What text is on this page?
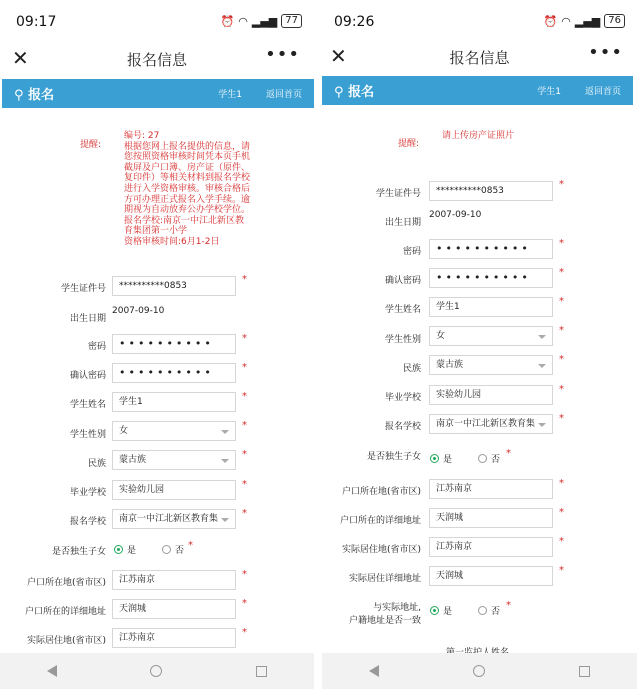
09:17	⏰ ◠ ▂▄▆ 77
✕	报名信息	•••
⚲ 报名	学生1	返回首页
提醒:
编号: 27
根据您网上报名提供的信息，请您按照资格审核时间凭本页手机截屏及户口簿、房产证（原件、复印件）等相关材料到报名学校进行入学资格审核。审核合格后方可办理正式报名入学手续。逾期视为自动放弃公办学校学位。报名学校:南京一中江北新区教育集团第一小学
资格审核时间:6月1-2日
学生证件号	**********0853
*
出生日期
2007-09-10
密码	••••••••••	*
确认密码	••••••••••	*
学生姓名	学生1	*
学生性别	女	*
民族	蒙古族	*
毕业学校	实验幼儿园	*
报名学校	南京一中江北新区教育集	*
是否独生子女 是	否 *
户口所在地(省市区)	江苏南京	*
户口所在的详细地址	天润城	*
实际居住地(省市区)	江苏南京	*
09:26	⏰ ◠ ▂▄▆ 76
✕	报名信息	•••
⚲ 报名	学生1	返回首页
提醒:
请上传房产证照片
学生证件号	**********0853
*
出生日期
2007-09-10
密码	••••••••••	*
确认密码	••••••••••	*
学生姓名	学生1	*
学生性别	女	*
民族	蒙古族	*
毕业学校	实验幼儿园	*
报名学校	南京一中江北新区教育集	*
是否独生子女 是	否
*
户口所在地(省市区)	江苏南京	*
户口所在的详细地址	天润城	*
实际居住地(省市区)	江苏南京	*
实际居住详细地址	天润城	*
与实际地址,
户籍地址是否一致
是	否
*
